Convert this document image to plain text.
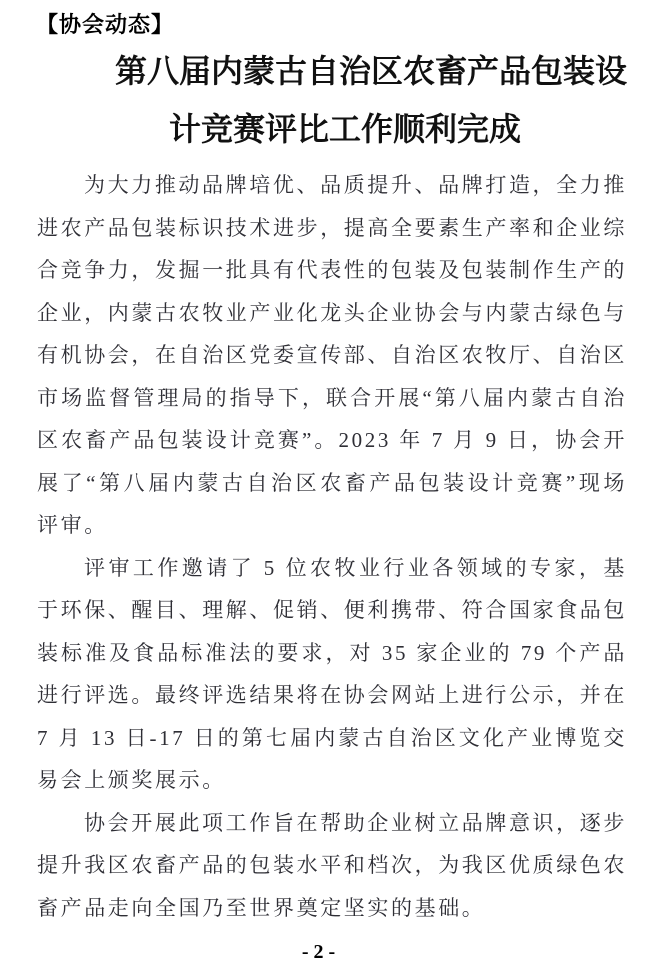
【协会动态】
第八届内蒙古自治区农畜产品包装设
计竞赛评比工作顺利完成

为大力推动品牌培优、品质提升、品牌打造，全力推进农产品包装标识技术进步，提高全要素生产率和企业综合竞争力，发掘一批具有代表性的包装及包装制作生产的企业，内蒙古农牧业产业化龙头企业协会与内蒙古绿色与有机协会，在自治区党委宣传部、自治区农牧厅、自治区市场监督管理局的指导下，联合开展“第八届内蒙古自治区农畜产品包装设计竞赛”。2023 年 7 月 9 日，协会开展了“第八届内蒙古自治区农畜产品包装设计竞赛”现场评审。

评审工作邀请了 5 位农牧业行业各领域的专家，基于环保、醒目、理解、促销、便利携带、符合国家食品包装标准及食品标准法的要求，对 35 家企业的 79 个产品进行评选。最终评选结果将在协会网站上进行公示，并在 7 月 13 日-17 日的第七届内蒙古自治区文化产业博览交易会上颁奖展示。

协会开展此项工作旨在帮助企业树立品牌意识，逐步提升我区农畜产品的包装水平和档次，为我区优质绿色农畜产品走向全国乃至世界奠定坚实的基础。

- 2 -
